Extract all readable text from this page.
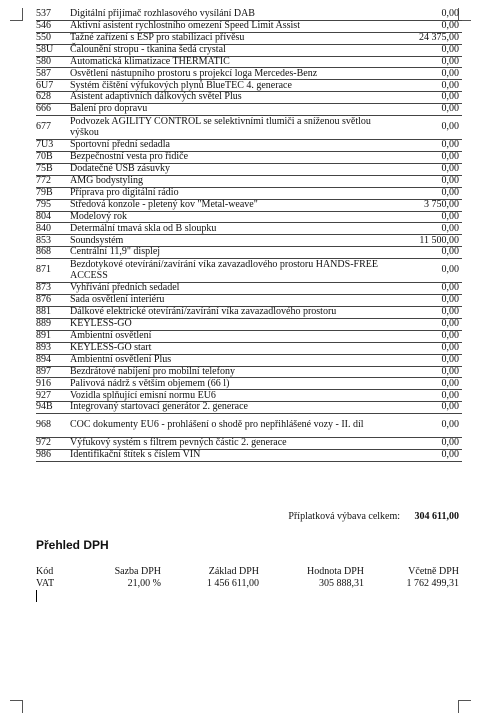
537	Digitální přijímač rozhlasového vysílání DAB	0,00
546	Aktivní asistent rychlostního omezení Speed Limit Assist	0,00
550	Tažné zařízení s ESP pro stabilizaci přívěsu	24 375,00
58U	Čalounění stropu - tkanina šedá crystal	0,00
580	Automatická klimatizace THERMATIC	0,00
587	Osvětlení nástupního prostoru s projekcí loga Mercedes-Benz	0,00
6U7	Systém čištění výfukových plynů BlueTEC 4. generace	0,00
628	Asistent adaptivních dálkových světel Plus	0,00
666	Balení pro dopravu	0,00
677	Podvozek AGILITY CONTROL se selektivními tlumiči a sníženou světlou výškou	0,00
7U3	Sportovní přední sedadla	0,00
70B	Bezpečnostní vesta pro řidiče	0,00
75B	Dodatečné USB zásuvky	0,00
772	AMG bodystyling	0,00
79B	Příprava pro digitální rádio	0,00
795	Středová konzole - pletený kov "Metal-weave"	3 750,00
804	Modelový rok	0,00
840	Determální tmavá skla od B sloupku	0,00
853	Soundsystém	11 500,00
868	Centrální 11,9" displej	0,00
871	Bezdotykové otevírání/zavírání víka zavazadlového prostoru HANDS-FREE ACCESS	0,00
873	Vyhřívání předních sedadel	0,00
876	Sada osvětlení interiéru	0,00
881	Dálkové elektrické otevírání/zavírání víka zavazadlového prostoru	0,00
889	KEYLESS-GO	0,00
891	Ambientní osvětlení	0,00
893	KEYLESS-GO start	0,00
894	Ambientní osvětlení Plus	0,00
897	Bezdrátové nabíjení pro mobilní telefony	0,00
916	Palivová nádrž s větším objemem (66 l)	0,00
927	Vozidla splňující emisní normu EU6	0,00
94B	Integrovaný startovací generátor 2. generace	0,00
968	COC dokumenty EU6 - prohlášení o shodě pro nepřihlášené vozy - II. díl	0,00
972	Výfukový systém s filtrem pevných částic 2. generace	0,00
986	Identifikační štítek s číslem VIN	0,00
Příplatková výbava celkem: 304 611,00
Přehled DPH
Kód	Sazba DPH	Základ DPH	Hodnota DPH	Včetně DPH
VAT	21,00 %	1 456 611,00	305 888,31	1 762 499,31
